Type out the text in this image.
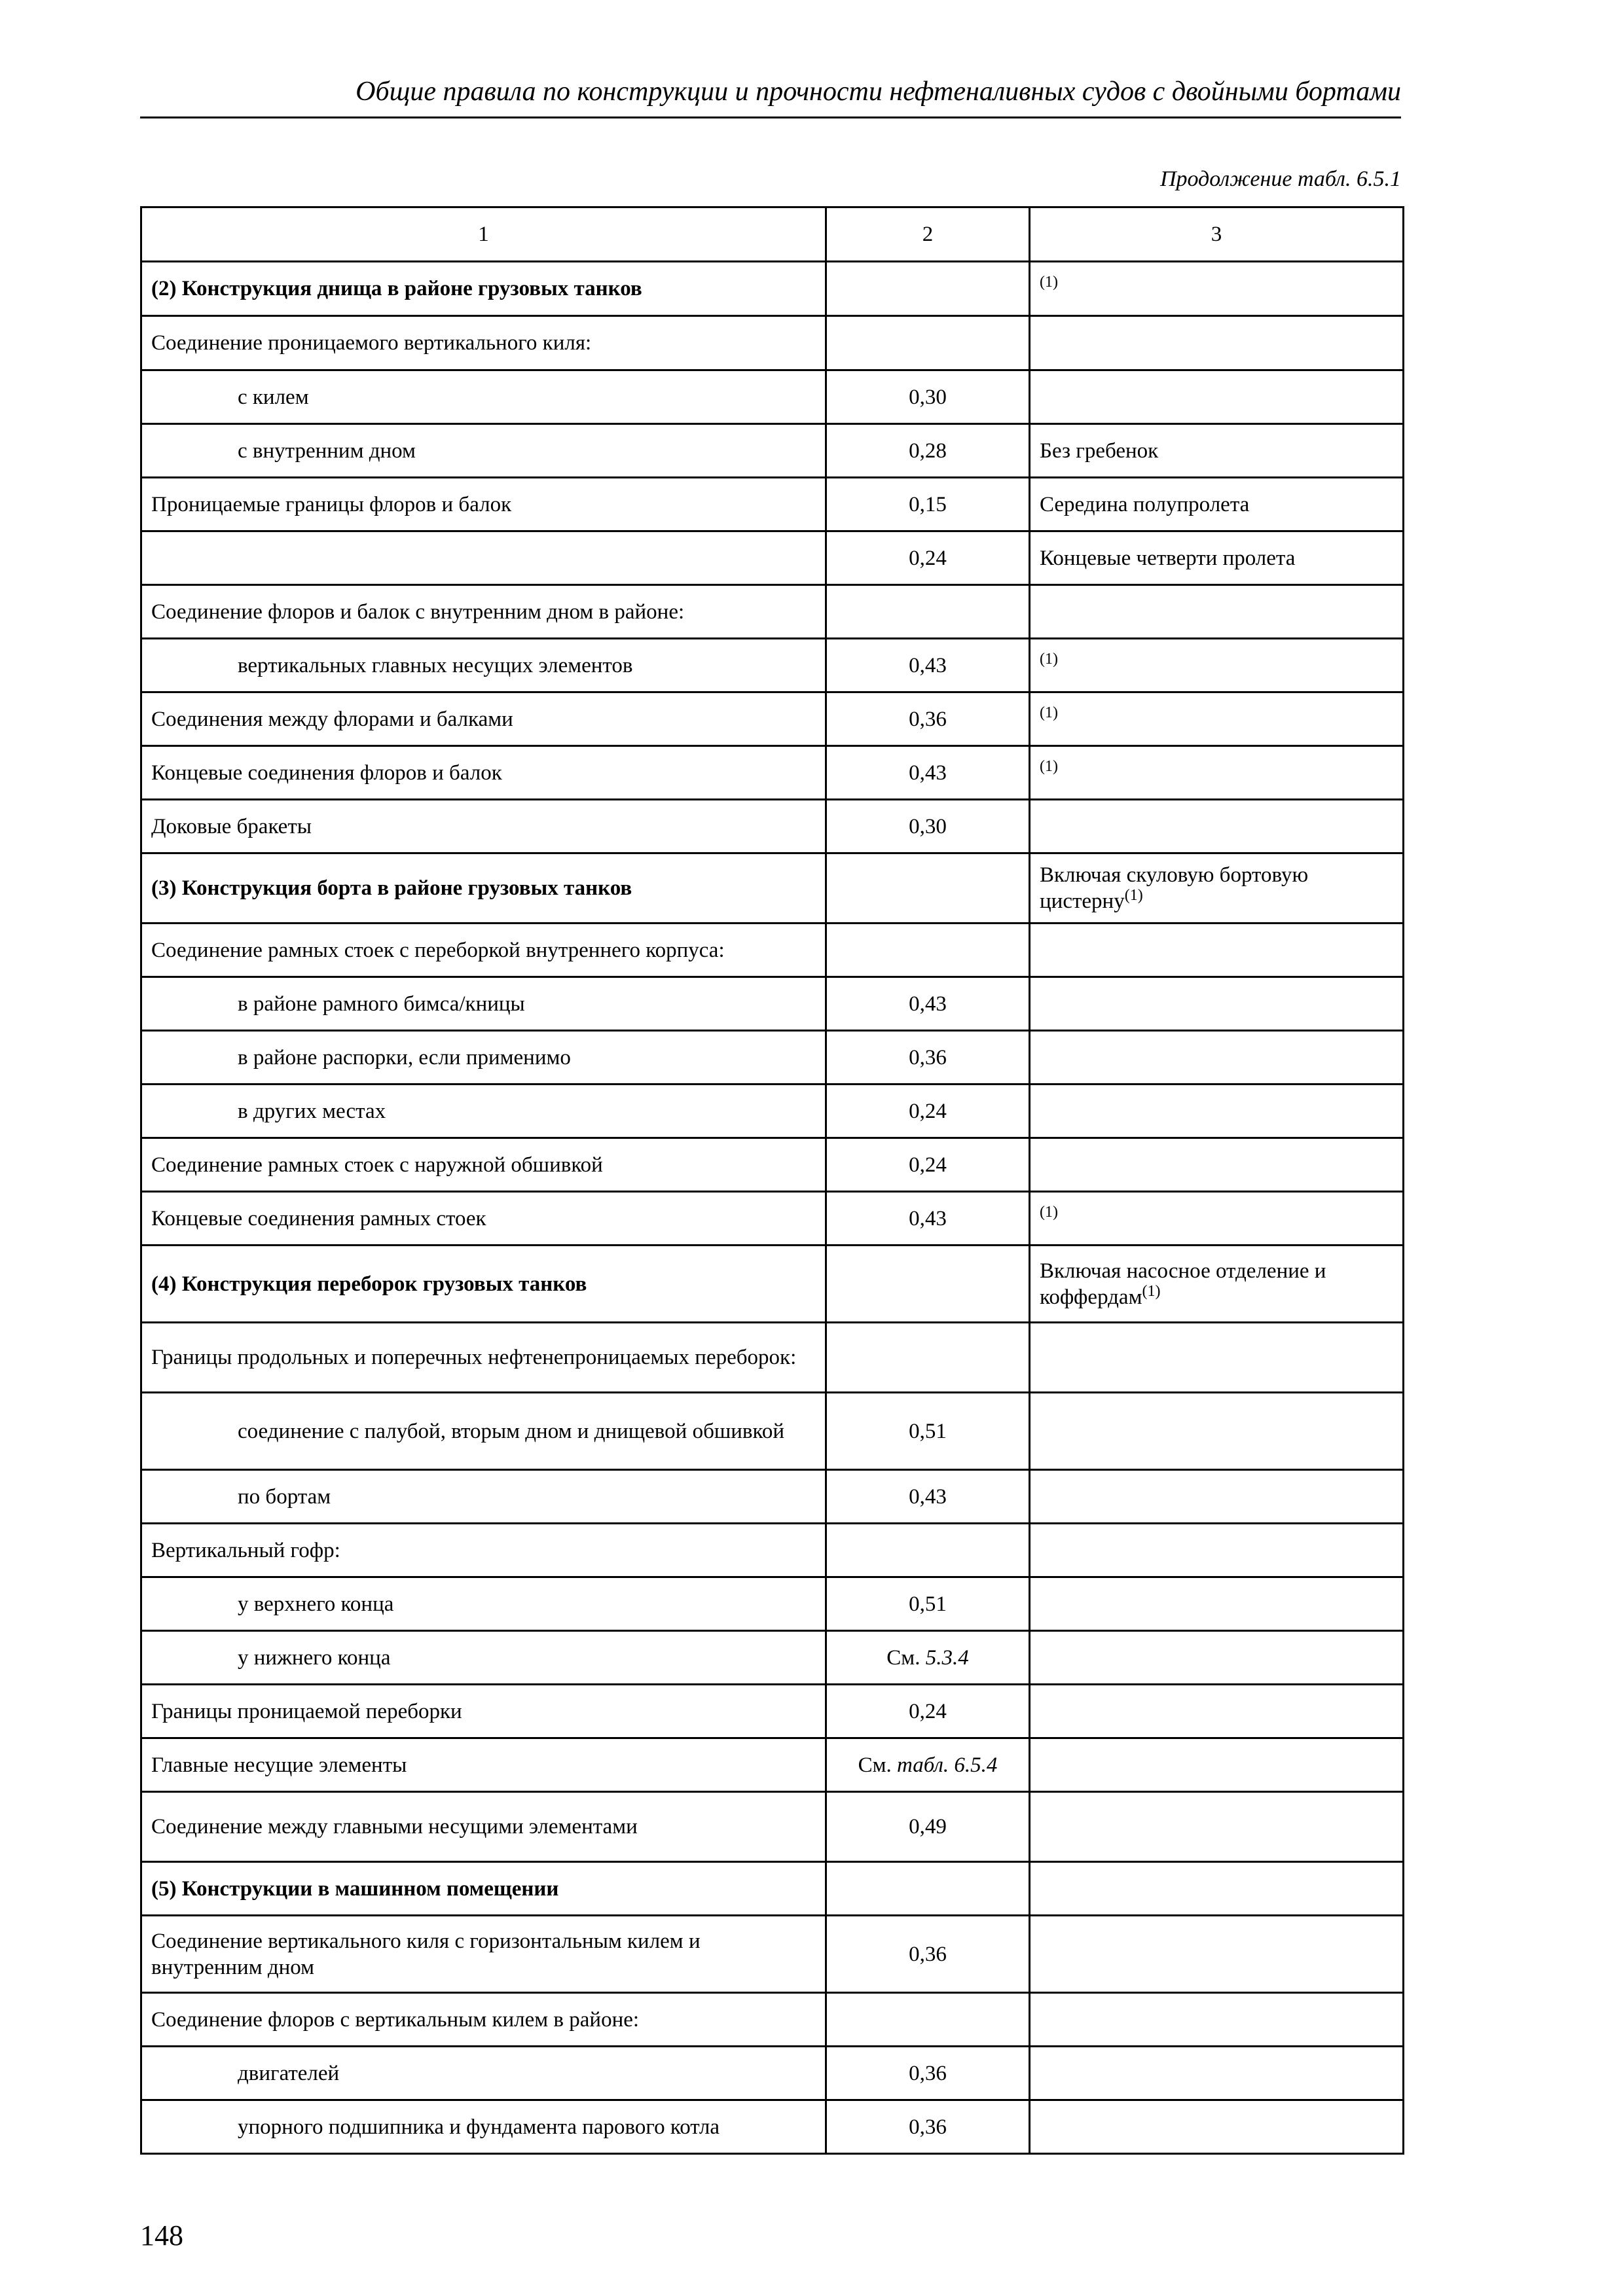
Общие правила по конструкции и прочности нефтеналивных судов с двойными бортами
Продолжение табл. 6.5.1
1	2	3
(2) Конструкция днища в районе грузовых танков		(1)
Соединение проницаемого вертикального киля:		
с килем	0,30	
с внутренним дном	0,28	Без гребенок
Проницаемые границы флоров и балок	0,15	Середина полупролета
	0,24	Концевые четверти пролета
Соединение флоров и балок с внутренним дном в районе:		
вертикальных главных несущих элементов	0,43	(1)
Соединения между флорами и балками	0,36	(1)
Концевые соединения флоров и балок	0,43	(1)
Доковые бракеты	0,30	
(3) Конструкция борта в районе грузовых танков		Включая скуловую бортовую цистерну$^{(1)}$
Соединение рамных стоек с переборкой внутреннего корпуса:		
в районе рамного бимса/кницы	0,43	
в районе распорки, если применимо	0,36	
в других местах	0,24	
Соединение рамных стоек с наружной обшивкой	0,24	
Концевые соединения рамных стоек	0,43	(1)
(4) Конструкция переборок грузовых танков		Включая насосное отделение и коффердам$^{(1)}$
Границы продольных и поперечных нефтенепроницаемых переборок:		
соединение с палубой, вторым дном и днищевой обшивкой	0,51	
по бортам	0,43	
Вертикальный гофр:		
у верхнего конца	0,51	
у нижнего конца	См. 5.3.4	
Границы проницаемой переборки	0,24	
Главные несущие элементы	См. табл. 6.5.4	
Соединение между главными несущими элементами	0,49	
(5) Конструкции в машинном помещении		
Соединение вертикального киля с горизонтальным килем и внутренним дном	0,36	
Соединение флоров с вертикальным килем в районе:		
двигателей	0,36	
упорного подшипника и фундамента парового котла	0,36	
148
